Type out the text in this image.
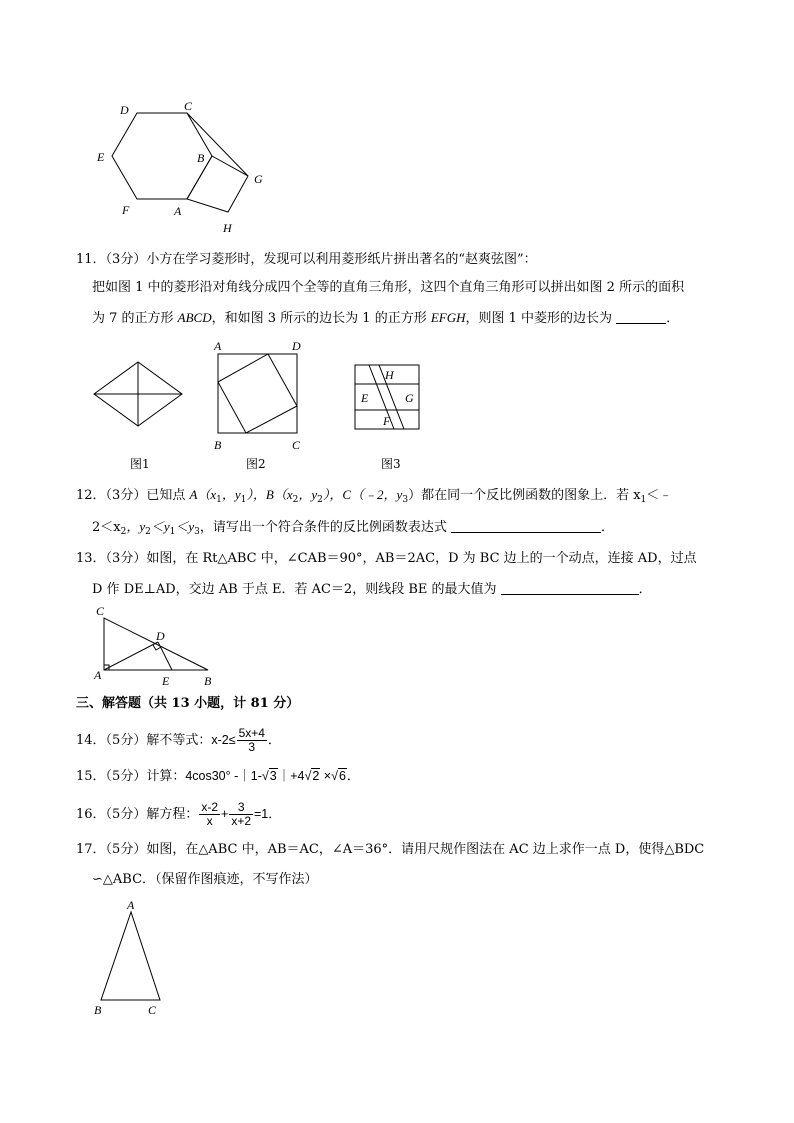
D	C
E	B
G
F	A
H
11．（3分）小方在学习菱形时，发现可以利用菱形纸片拼出著名的“赵爽弦图”：
把如图 1 中的菱形沿对角线分成四个全等的直角三角形，这四个直角三角形可以拼出如图 2 所示的面积
为 7 的正方形 ABCD，和如图 3 所示的边长为 1 的正方形 EFGH，则图 1 中菱形的边长为	．
图1
A	D
B	C
图2
H
E	G
F
图3
12．（3分）已知点 $A(x_1$，$y_1$），$B(x_2$，$y_2$），C（﹣2，$y_3$）都在同一个反比例函数的图象上．若 $x_1<﹣$
$2<x_2$，$y_2<y_1<y_3$，请写出一个符合条件的反比例函数表达式	．
13．（3分）如图，在 Rt△ABC 中，∠CAB＝90°，AB＝2AC，D 为 BC 边上的一个动点，连接 AD，过点
D 作 DE⊥AD，交边 AB 于点 E．若 AC＝2，则线段 BE 的最大值为	．
C
D
A	E	B
三、解答题（共 13 小题，计 81 分）
14．（5分）解不等式：$x-2\le \frac{5x+4}{3}$ ．
15．（5分）计算：4cos30° -｜1-√3｜+4√2 ×√6．
16．（5分）解方程： $\frac{x-2}{x} + \frac{3}{x+2} =1$．
17．（5分）如图，在△ABC 中，AB＝AC，∠A＝36°．请用尺规作图法在 AC 边上求作一点 D，使得△BDC
∽△ABC．（保留作图痕迹，不写作法）
A
B	C
